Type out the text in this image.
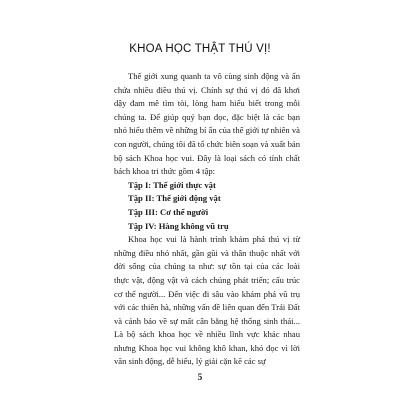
KHOA HỌC THẬT THÚ VỊ!

Thế giới xung quanh ta vô cùng sinh động và ẩn chứa nhiều điều thú vị. Chính sự thú vị đó đã khơi dậy đam mê tìm tòi, lòng ham hiểu biết trong mỗi chúng ta. Để giúp quý bạn đọc, đặc biệt là các bạn nhỏ hiểu thêm về những bí ẩn của thế giới tự nhiên và con người, chúng tôi đã tổ chức biên soạn và xuất bản bộ sách Khoa học vui. Đây là loại sách có tính chất bách khoa tri thức gồm 4 tập:

Tập I: Thế giới thực vật
Tập II: Thế giới động vật
Tập III: Cơ thể người
Tập IV: Hàng không vũ trụ

Khoa học vui là hành trình khám phá thú vị từ những điều nhỏ nhất, gần gũi và thân thuộc nhất với đời sống của chúng ta như: sự tồn tại của các loài thực vật, động vật và cách chúng phát triển; cấu trúc cơ thể người... Đến việc đi sâu vào khám phá vũ trụ với các thiên hà, những vấn đề liên quan đến Trái Đất và cảnh báo về sự mất cân bằng hệ thống sinh thái... Là bộ sách khoa học về nhiều lĩnh vực khác nhau nhưng Khoa học vui không khô khan, khó đọc vì lời văn sinh động, dễ hiểu, lý giải cặn kẽ các sự

5
